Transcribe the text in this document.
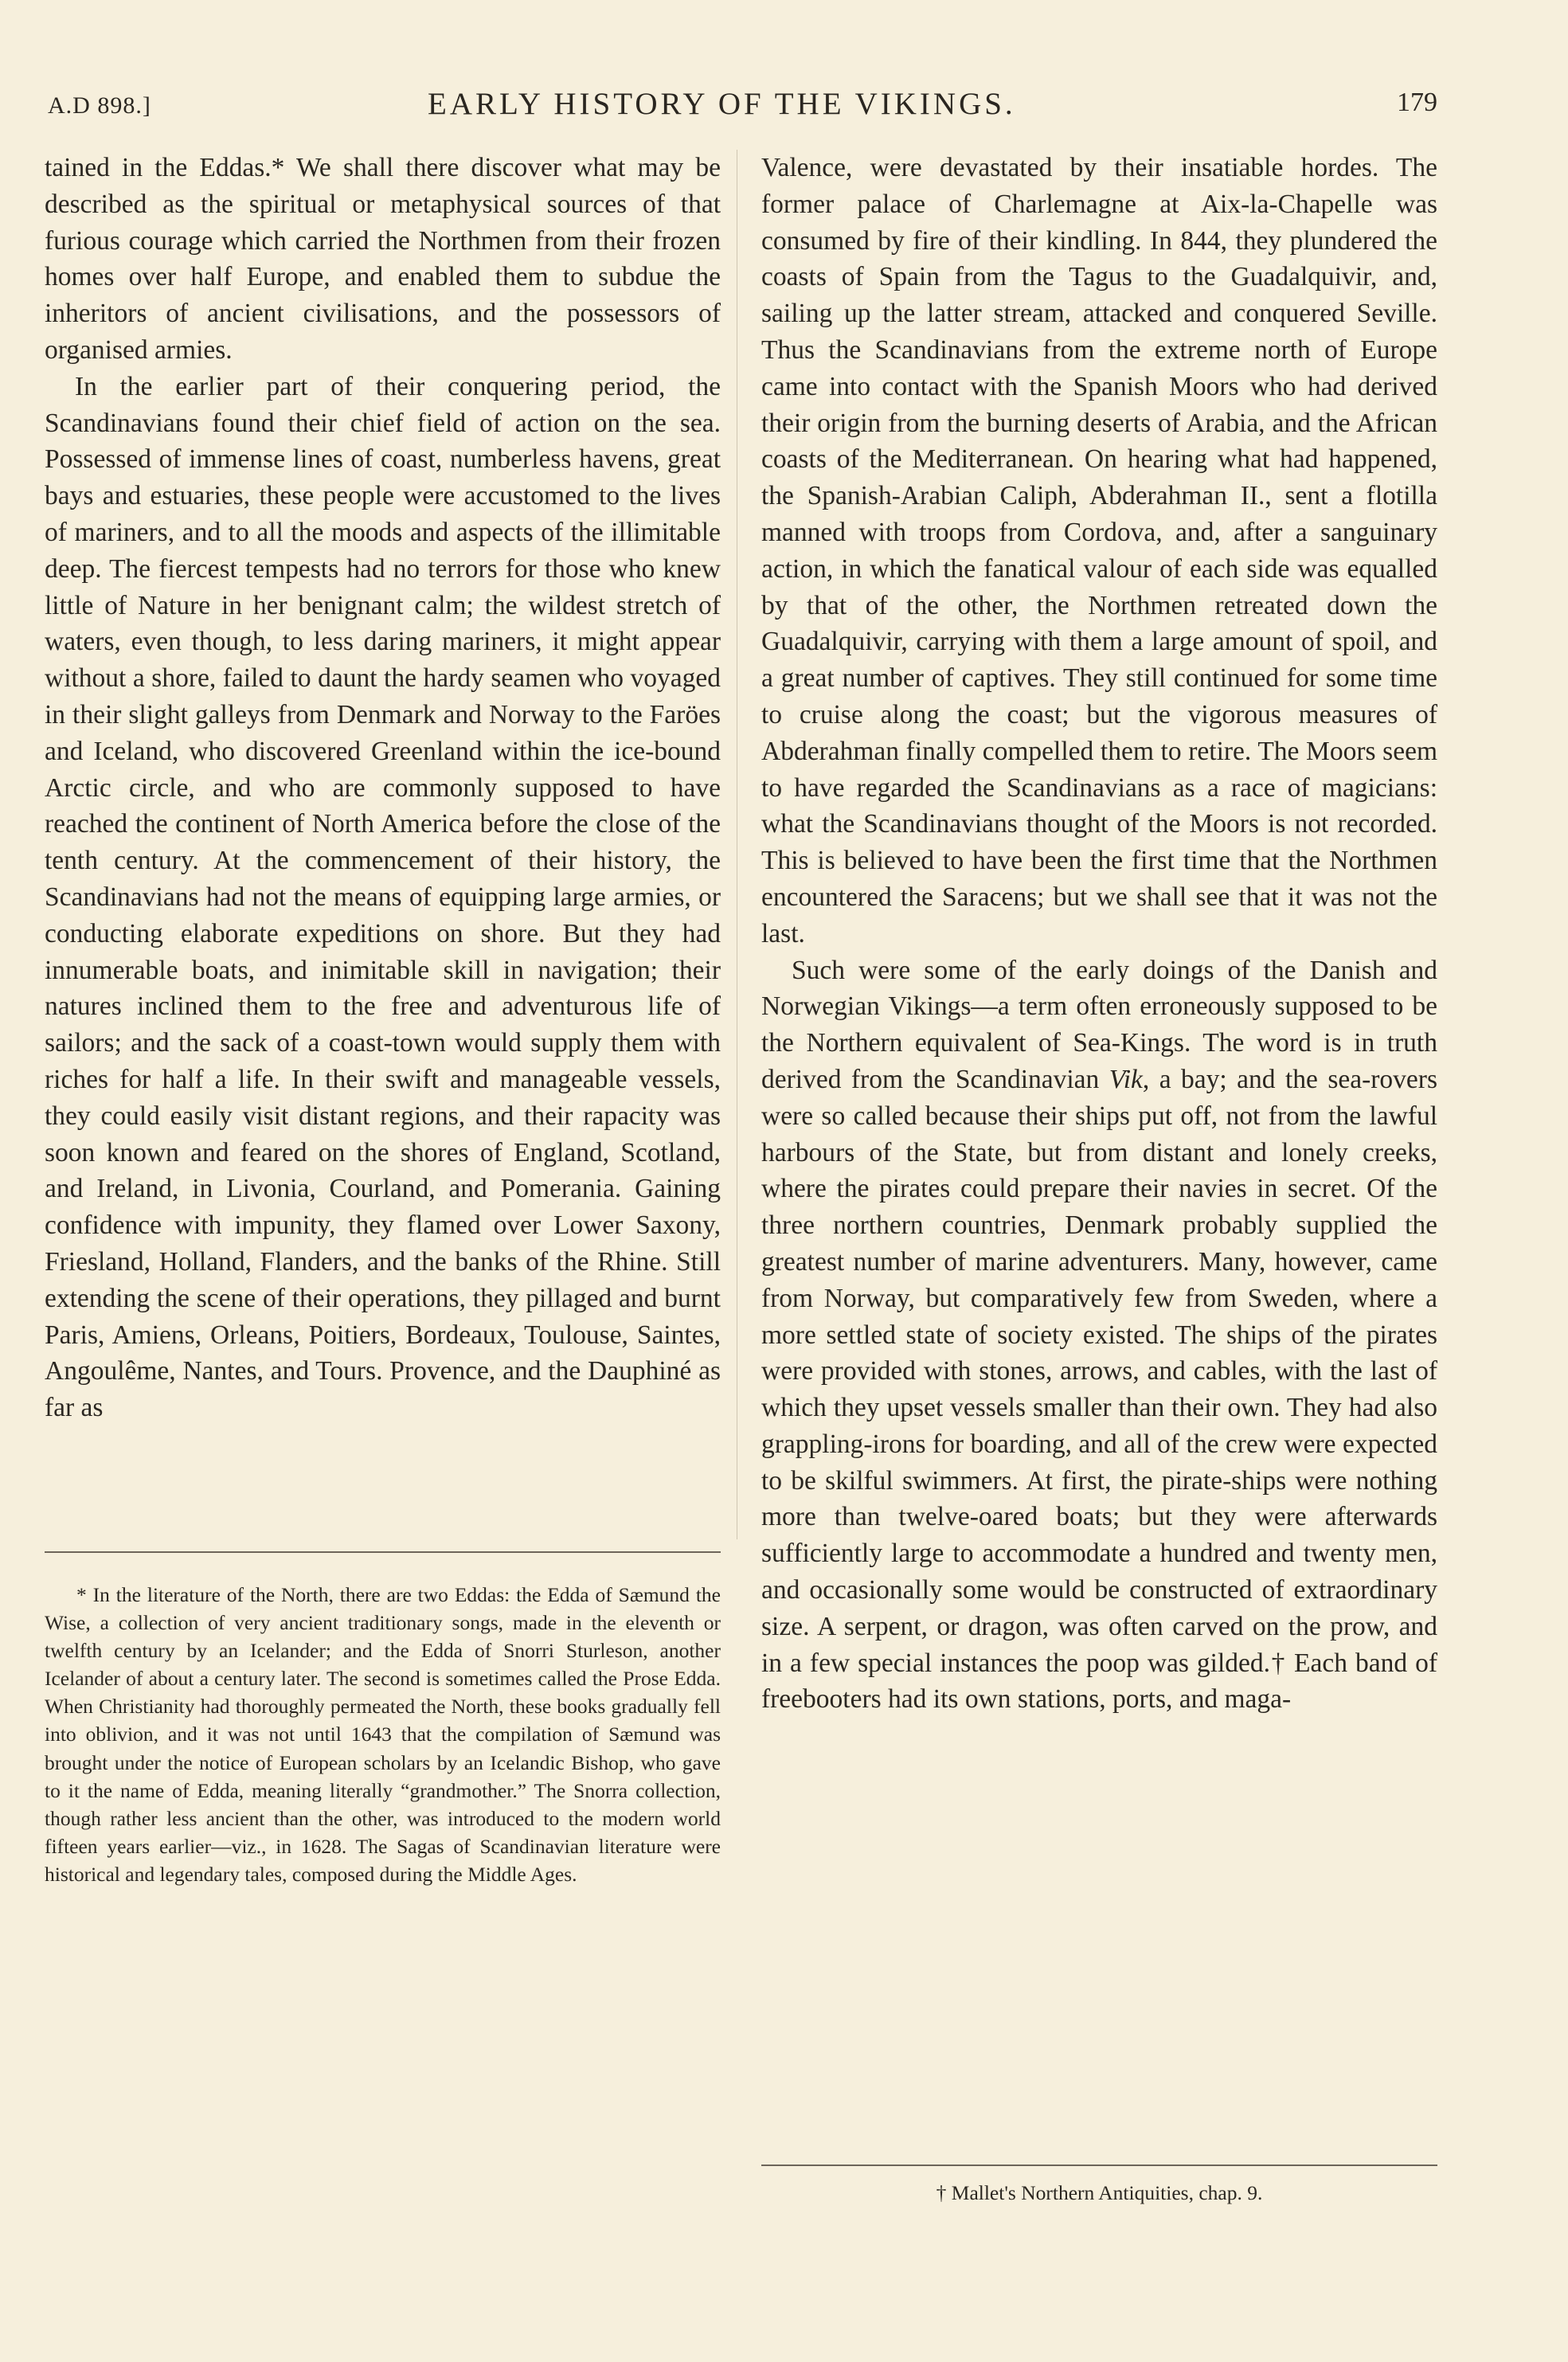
A.D 898.]	EARLY HISTORY OF THE VIKINGS.	179

tained in the Eddas.* We shall there discover what may be described as the spiritual or metaphysical sources of that furious courage which carried the Northmen from their frozen homes over half Europe, and enabled them to subdue the inheritors of ancient civilisations, and the possessors of organised armies.

In the earlier part of their conquering period, the Scandinavians found their chief field of action on the sea. Possessed of immense lines of coast, numberless havens, great bays and estuaries, these people were accustomed to the lives of mariners, and to all the moods and aspects of the illimitable deep. The fiercest tempests had no terrors for those who knew little of Nature in her benignant calm; the wildest stretch of waters, even though, to less daring mariners, it might appear without a shore, failed to daunt the hardy seamen who voyaged in their slight galleys from Denmark and Norway to the Faröes and Iceland, who discovered Greenland within the ice-bound Arctic circle, and who are commonly supposed to have reached the continent of North America before the close of the tenth century. At the commencement of their history, the Scandinavians had not the means of equipping large armies, or conducting elaborate expeditions on shore. But they had innumerable boats, and inimitable skill in navigation; their natures inclined them to the free and adventurous life of sailors; and the sack of a coast-town would supply them with riches for half a life. In their swift and manageable vessels, they could easily visit distant regions, and their rapacity was soon known and feared on the shores of England, Scotland, and Ireland, in Livonia, Courland, and Pomerania. Gaining confidence with impunity, they flamed over Lower Saxony, Friesland, Holland, Flanders, and the banks of the Rhine. Still extending the scene of their operations, they pillaged and burnt Paris, Amiens, Orleans, Poitiers, Bordeaux, Toulouse, Saintes, Angoulême, Nantes, and Tours. Provence, and the Dauphiné as far as

Valence, were devastated by their insatiable hordes. The former palace of Charlemagne at Aix-la-Chapelle was consumed by fire of their kindling. In 844, they plundered the coasts of Spain from the Tagus to the Guadalquivir, and, sailing up the latter stream, attacked and conquered Seville. Thus the Scandinavians from the extreme north of Europe came into contact with the Spanish Moors who had derived their origin from the burning deserts of Arabia, and the African coasts of the Mediterranean. On hearing what had happened, the Spanish-Arabian Caliph, Abderahman II., sent a flotilla manned with troops from Cordova, and, after a sanguinary action, in which the fanatical valour of each side was equalled by that of the other, the Northmen retreated down the Guadalquivir, carrying with them a large amount of spoil, and a great number of captives. They still continued for some time to cruise along the coast; but the vigorous measures of Abderahman finally compelled them to retire. The Moors seem to have regarded the Scandinavians as a race of magicians: what the Scandinavians thought of the Moors is not recorded. This is believed to have been the first time that the Northmen encountered the Saracens; but we shall see that it was not the last.

Such were some of the early doings of the Danish and Norwegian Vikings—a term often erroneously supposed to be the Northern equivalent of Sea-Kings. The word is in truth derived from the Scandinavian Vik, a bay; and the sea-rovers were so called because their ships put off, not from the lawful harbours of the State, but from distant and lonely creeks, where the pirates could prepare their navies in secret. Of the three northern countries, Denmark probably supplied the greatest number of marine adventurers. Many, however, came from Norway, but comparatively few from Sweden, where a more settled state of society existed. The ships of the pirates were provided with stones, arrows, and cables, with the last of which they upset vessels smaller than their own. They had also grappling-irons for boarding, and all of the crew were expected to be skilful swimmers. At first, the pirate-ships were nothing more than twelve-oared boats; but they were afterwards sufficiently large to accommodate a hundred and twenty men, and occasionally some would be constructed of extraordinary size. A serpent, or dragon, was often carved on the prow, and in a few special instances the poop was gilded.† Each band of freebooters had its own stations, ports, and maga-

* In the literature of the North, there are two Eddas: the Edda of Sæmund the Wise, a collection of very ancient traditionary songs, made in the eleventh or twelfth century by an Icelander; and the Edda of Snorri Sturleson, another Icelander of about a century later. The second is sometimes called the Prose Edda. When Christianity had thoroughly permeated the North, these books gradually fell into oblivion, and it was not until 1643 that the compilation of Sæmund was brought under the notice of European scholars by an Icelandic Bishop, who gave to it the name of Edda, meaning literally “grandmother.” The Snorra collection, though rather less ancient than the other, was introduced to the modern world fifteen years earlier—viz., in 1628. The Sagas of Scandinavian literature were historical and legendary tales, composed during the Middle Ages.

† Mallet's Northern Antiquities, chap. 9.
